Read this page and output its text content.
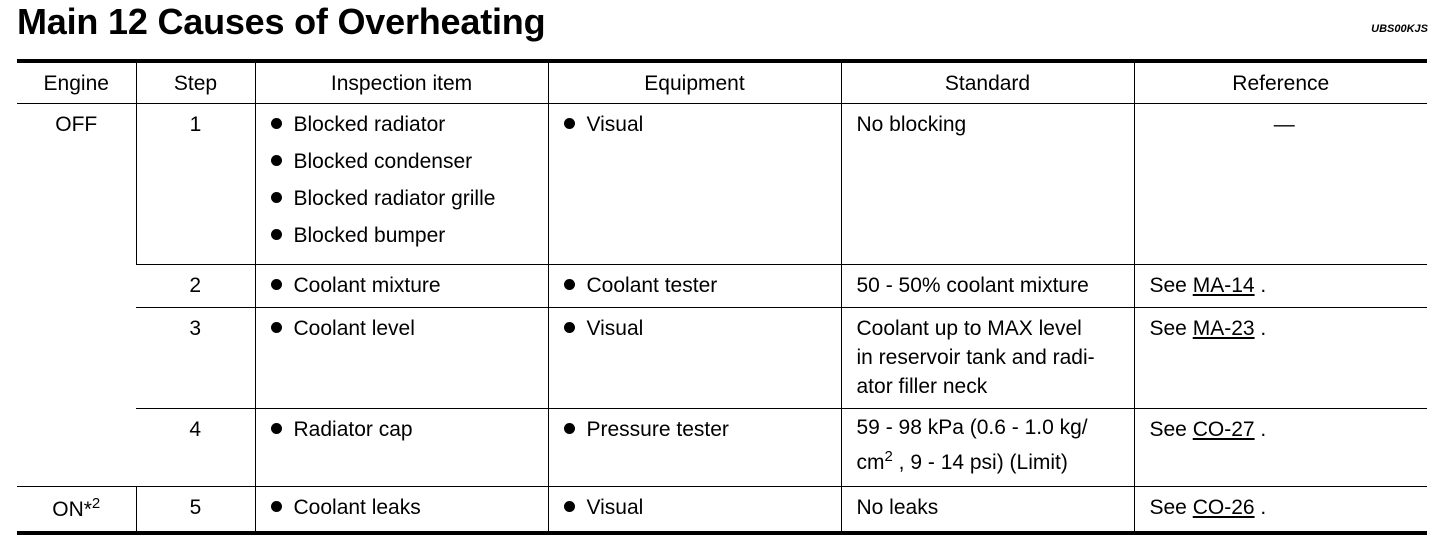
Main 12 Causes of Overheating	UBS00KJS
Engine	Step	Inspection item	Equipment	Standard	Reference

OFF	1	Blocked radiator
Blocked condenser
Blocked radiator grille
Blocked bumper	Visual	No blocking	—

	2	Coolant mixture	Coolant tester	50 - 50% coolant mixture	See MA-14 .

	3	Coolant level	Visual	Coolant up to MAX level
in reservoir tank and radi-
ator filler neck	See MA-23 .

	4	Radiator cap	Pressure tester	59 - 98 kPa (0.6 - 1.0 kg/
$cm^2$ , 9 - 14 psi) (Limit)	See CO-27 .

ON*$^2$	5	Coolant leaks	Visual	No leaks	See CO-26 .
